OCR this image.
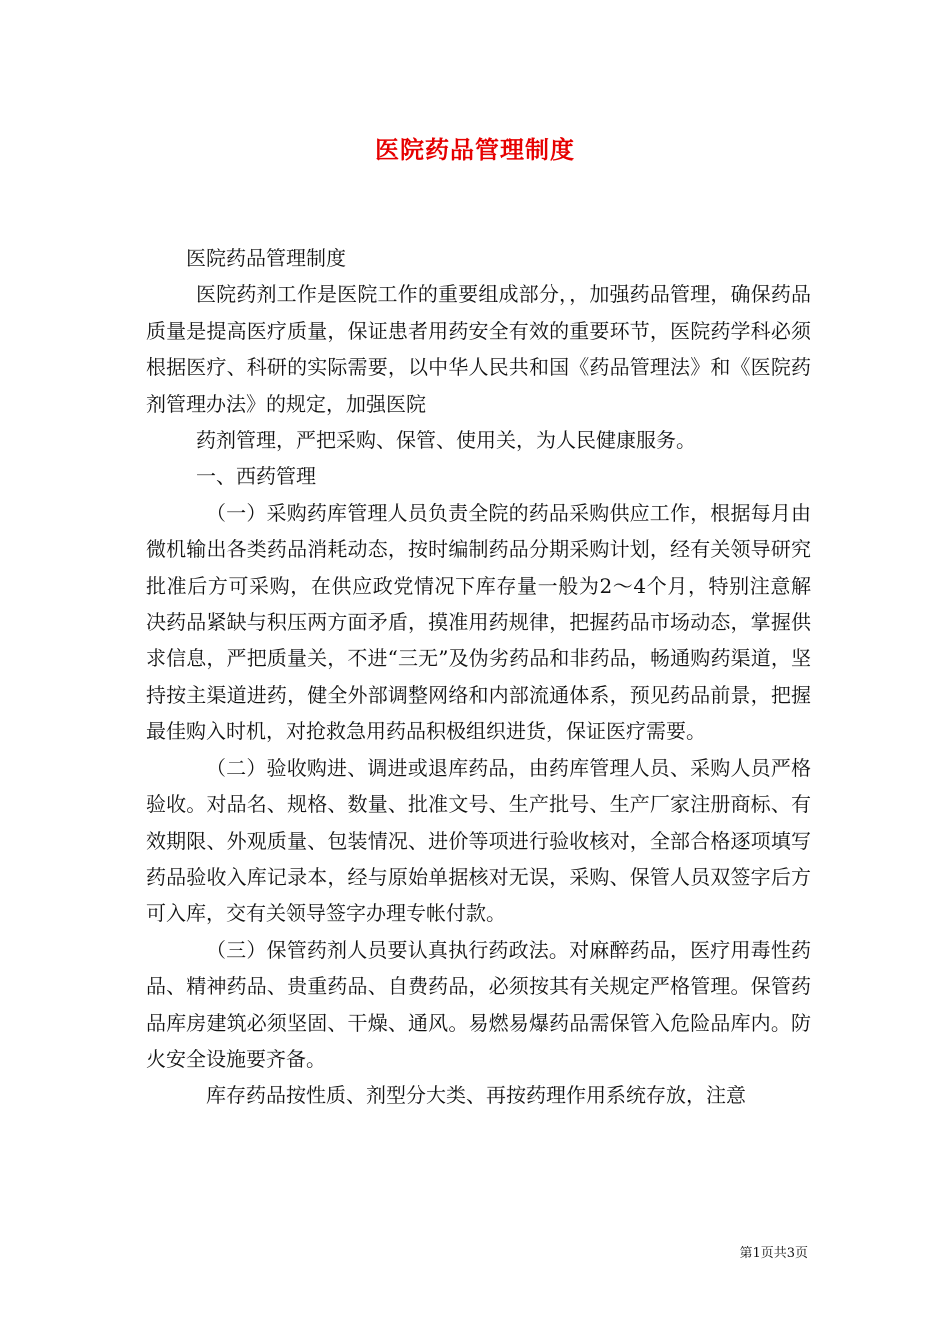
医院药品管理制度

医院药品管理制度

医院药剂工作是医院工作的重要组成部分，，加强药品管理，确保药品质量是提高医疗质量，保证患者用药安全有效的重要环节，医院药学科必须根据医疗、科研的实际需要，以中华人民共和国《药品管理法》和《医院药剂管理办法》的规定，加强医院

药剂管理，严把采购、保管、使用关，为人民健康服务。

一、西药管理

（一）采购药库管理人员负责全院的药品采购供应工作，根据每月由微机输出各类药品消耗动态，按时编制药品分期采购计划，经有关领导研究批准后方可采购，在供应政党情况下库存量一般为2～4个月，特别注意解决药品紧缺与积压两方面矛盾，摸准用药规律，把握药品市场动态，掌握供求信息，严把质量关，不进“三无”及伪劣药品和非药品，畅通购药渠道，坚持按主渠道进药，健全外部调整网络和内部流通体系，预见药品前景，把握最佳购入时机，对抢救急用药品积极组织进货，保证医疗需要。

（二）验收购进、调进或退库药品，由药库管理人员、采购人员严格验收。对品名、规格、数量、批准文号、生产批号、生产厂家注册商标、有效期限、外观质量、包装情况、进价等项进行验收核对，全部合格逐项填写药品验收入库记录本，经与原始单据核对无误，采购、保管人员双签字后方可入库，交有关领导签字办理专帐付款。

（三）保管药剂人员要认真执行药政法。对麻醉药品，医疗用毒性药品、精神药品、贵重药品、自费药品，必须按其有关规定严格管理。保管药品库房建筑必须坚固、干燥、通风。易燃易爆药品需保管入危险品库内。防火安全设施要齐备。

库存药品按性质、剂型分大类、再按药理作用系统存放，注意

第1页共3页
